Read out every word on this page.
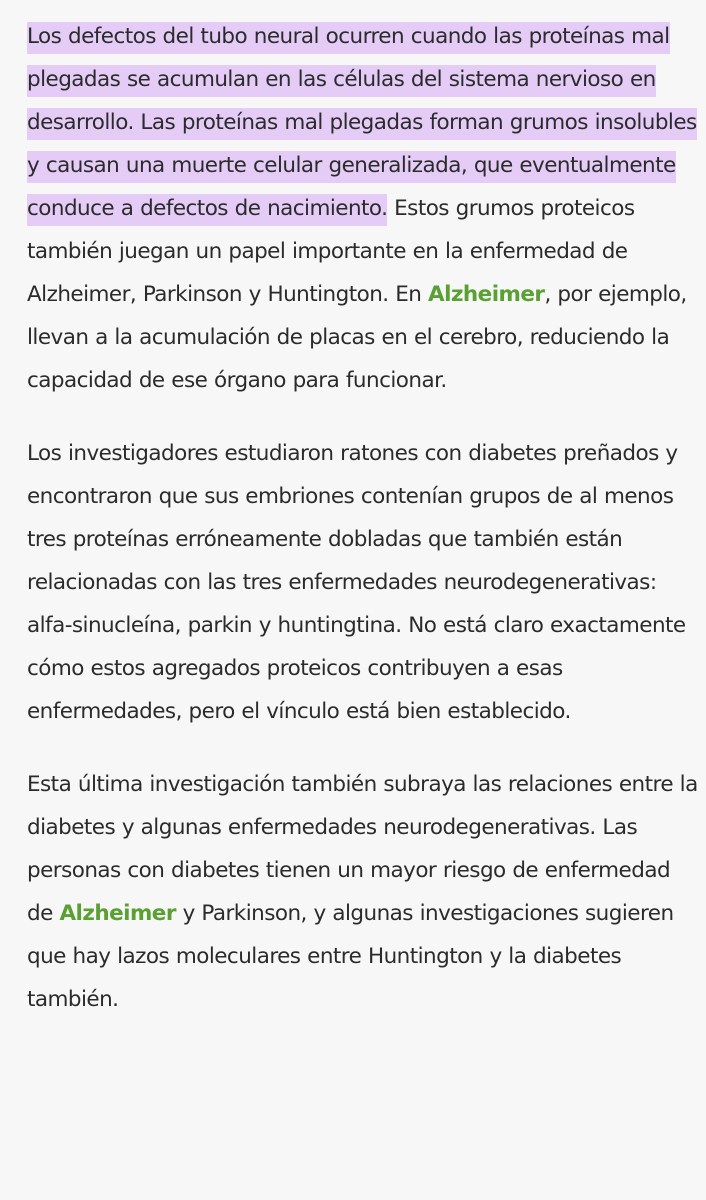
Los defectos del tubo neural ocurren cuando las proteínas mal plegadas se acumulan en las células del sistema nervioso en desarrollo. Las proteínas mal plegadas forman grumos insolubles y causan una muerte celular generalizada, que eventualmente conduce a defectos de nacimiento. Estos grumos proteicos también juegan un papel importante en la enfermedad de Alzheimer, Parkinson y Huntington. En Alzheimer, por ejemplo, llevan a la acumulación de placas en el cerebro, reduciendo la capacidad de ese órgano para funcionar.

Los investigadores estudiaron ratones con diabetes preñados y encontraron que sus embriones contenían grupos de al menos tres proteínas erróneamente dobladas que también están relacionadas con las tres enfermedades neurodegenerativas: alfa-sinucleína, parkin y huntingtina. No está claro exactamente cómo estos agregados proteicos contribuyen a esas enfermedades, pero el vínculo está bien establecido.

Esta última investigación también subraya las relaciones entre la diabetes y algunas enfermedades neurodegenerativas. Las personas con diabetes tienen un mayor riesgo de enfermedad de Alzheimer y Parkinson, y algunas investigaciones sugieren que hay lazos moleculares entre Huntington y la diabetes también.
